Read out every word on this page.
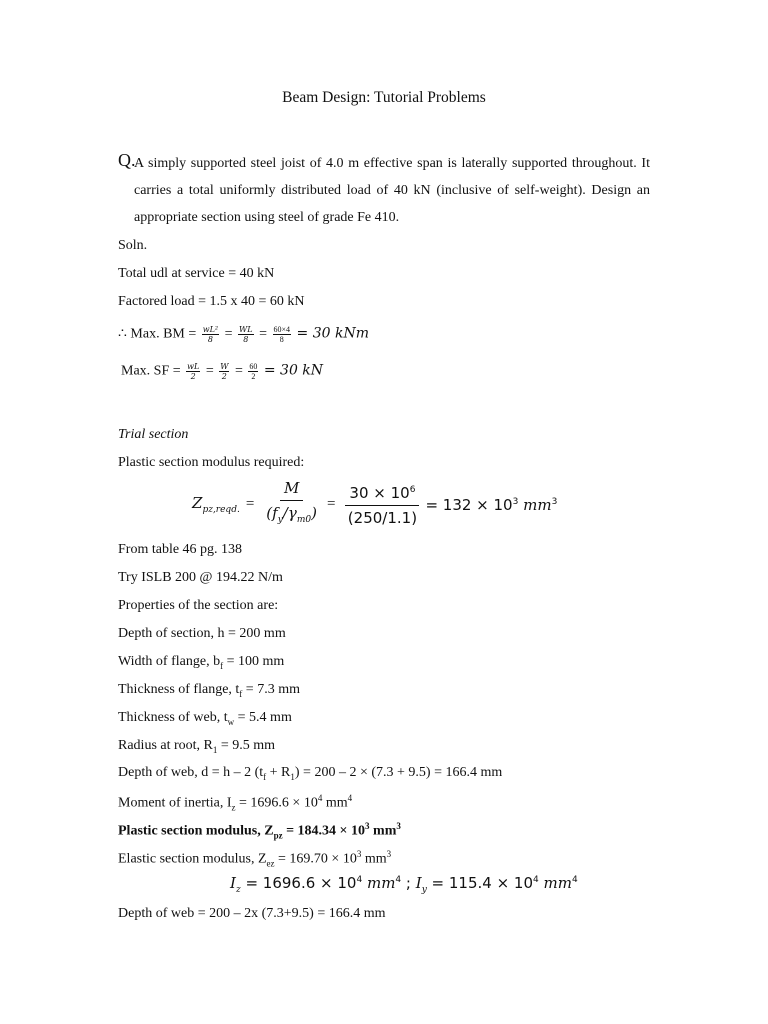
Beam Design: Tutorial Problems
Q.
A simply supported steel joist of 4.0 m effective span is laterally supported throughout. It carries a total uniformly distributed load of 40 kN (inclusive of self-weight). Design an appropriate section using steel of grade Fe 410.
Soln.
Total udl at service = 40 kN
Factored load = 1.5 x 40 = 60 kN
∴ Max. BM = $\frac{\text{wL²}}{8} = \frac{WL}{8} = \frac{60\times 4}{8} = 30$ kNm
Max. SF = $\frac{wL}{2} = \frac{W}{2} = \frac{60}{2} = 30$ kN
Trial section
Plastic section modulus required:
$Z_{pz,reqd.} = \frac{M}{(f_y/\gamma_{m0})} = \frac{30 \times 10^6}{(250/1.1)} = 132 \times 10^3$ $mm^3$
From table 46 pg. 138
Try ISLB 200 @ 194.22 N/m
Properties of the section are:
Depth of section, h = 200 mm
Width of flange, $b_f = 100$ mm
Thickness of flange, $t_f = 7.3$ mm
Thickness of web, $t_w = 5.4$ mm
Radius at root, $R_1 = 9.5$ mm
Depth of web, d = h – 2 $(t_f + R_1) = 200 - 2 \times (7.3 + 9.5) = 166.4$ mm
Moment of inertia, $I_z = 1696.6 \times 10^4$ $mm^4$
Plastic section modulus, $Z_{pz} = 184.34 \times 10^3$ $mm^3$
Elastic section modulus, $Z_{ez} = 169.70 \times 10^3$ $mm^3$
$I_z = 1696.6 \times 10^4$ $mm^4$ ; $I_y = 115.4 \times 10^4$ $mm^4$
Depth of web = 200 – 2x (7.3+9.5) = 166.4 mm
